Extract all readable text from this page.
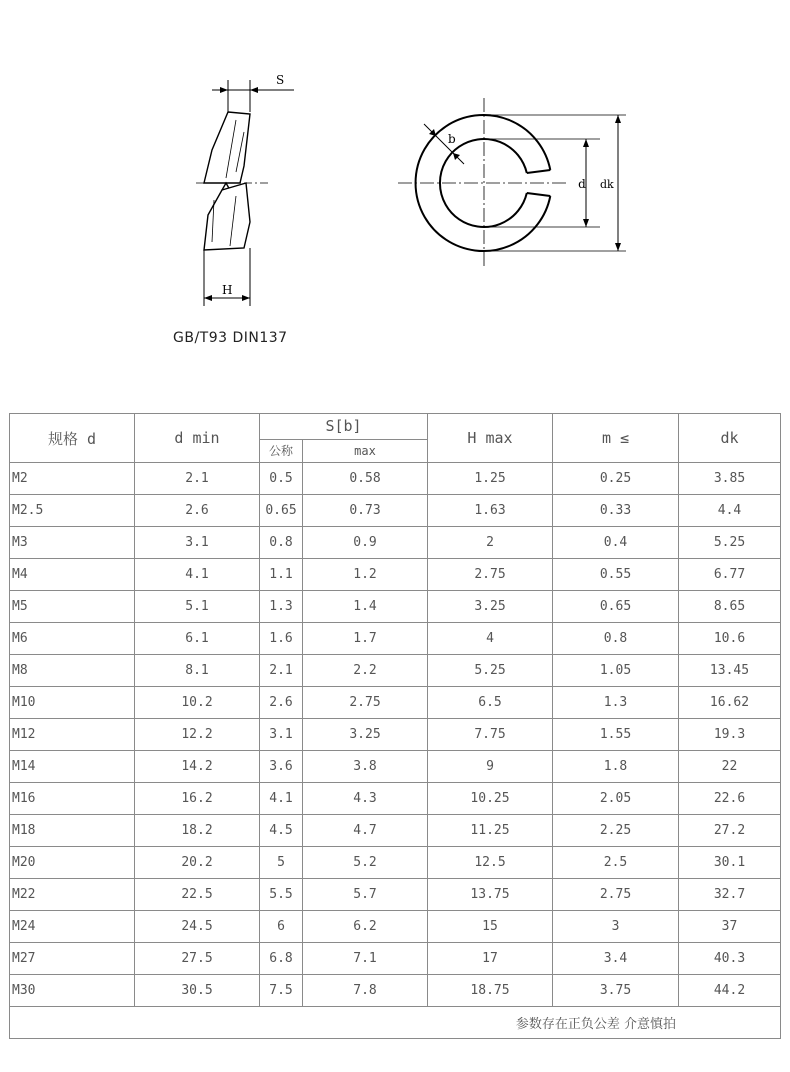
S
H
b
d dk
GB/T93 DIN137
规格 d	d min	S[b]		H max	m ≤	dk
		公称	max			
M2	2.1	0.5	0.58	1.25	0.25	3.85
M2.5	2.6	0.65	0.73	1.63	0.33	4.4
M3	3.1	0.8	0.9	2	0.4	5.25
M4	4.1	1.1	1.2	2.75	0.55	6.77
M5	5.1	1.3	1.4	3.25	0.65	8.65
M6	6.1	1.6	1.7	4	0.8	10.6
M8	8.1	2.1	2.2	5.25	1.05	13.45
M10	10.2	2.6	2.75	6.5	1.3	16.62
M12	12.2	3.1	3.25	7.75	1.55	19.3
M14	14.2	3.6	3.8	9	1.8	22
M16	16.2	4.1	4.3	10.25	2.05	22.6
M18	18.2	4.5	4.7	11.25	2.25	27.2
M20	20.2	5	5.2	12.5	2.5	30.1
M22	22.5	5.5	5.7	13.75	2.75	32.7
M24	24.5	6	6.2	15	3	37
M27	27.5	6.8	7.1	17	3.4	40.3
M30	30.5	7.5	7.8	18.75	3.75	44.2
参数存在正负公差 介意慎拍						
